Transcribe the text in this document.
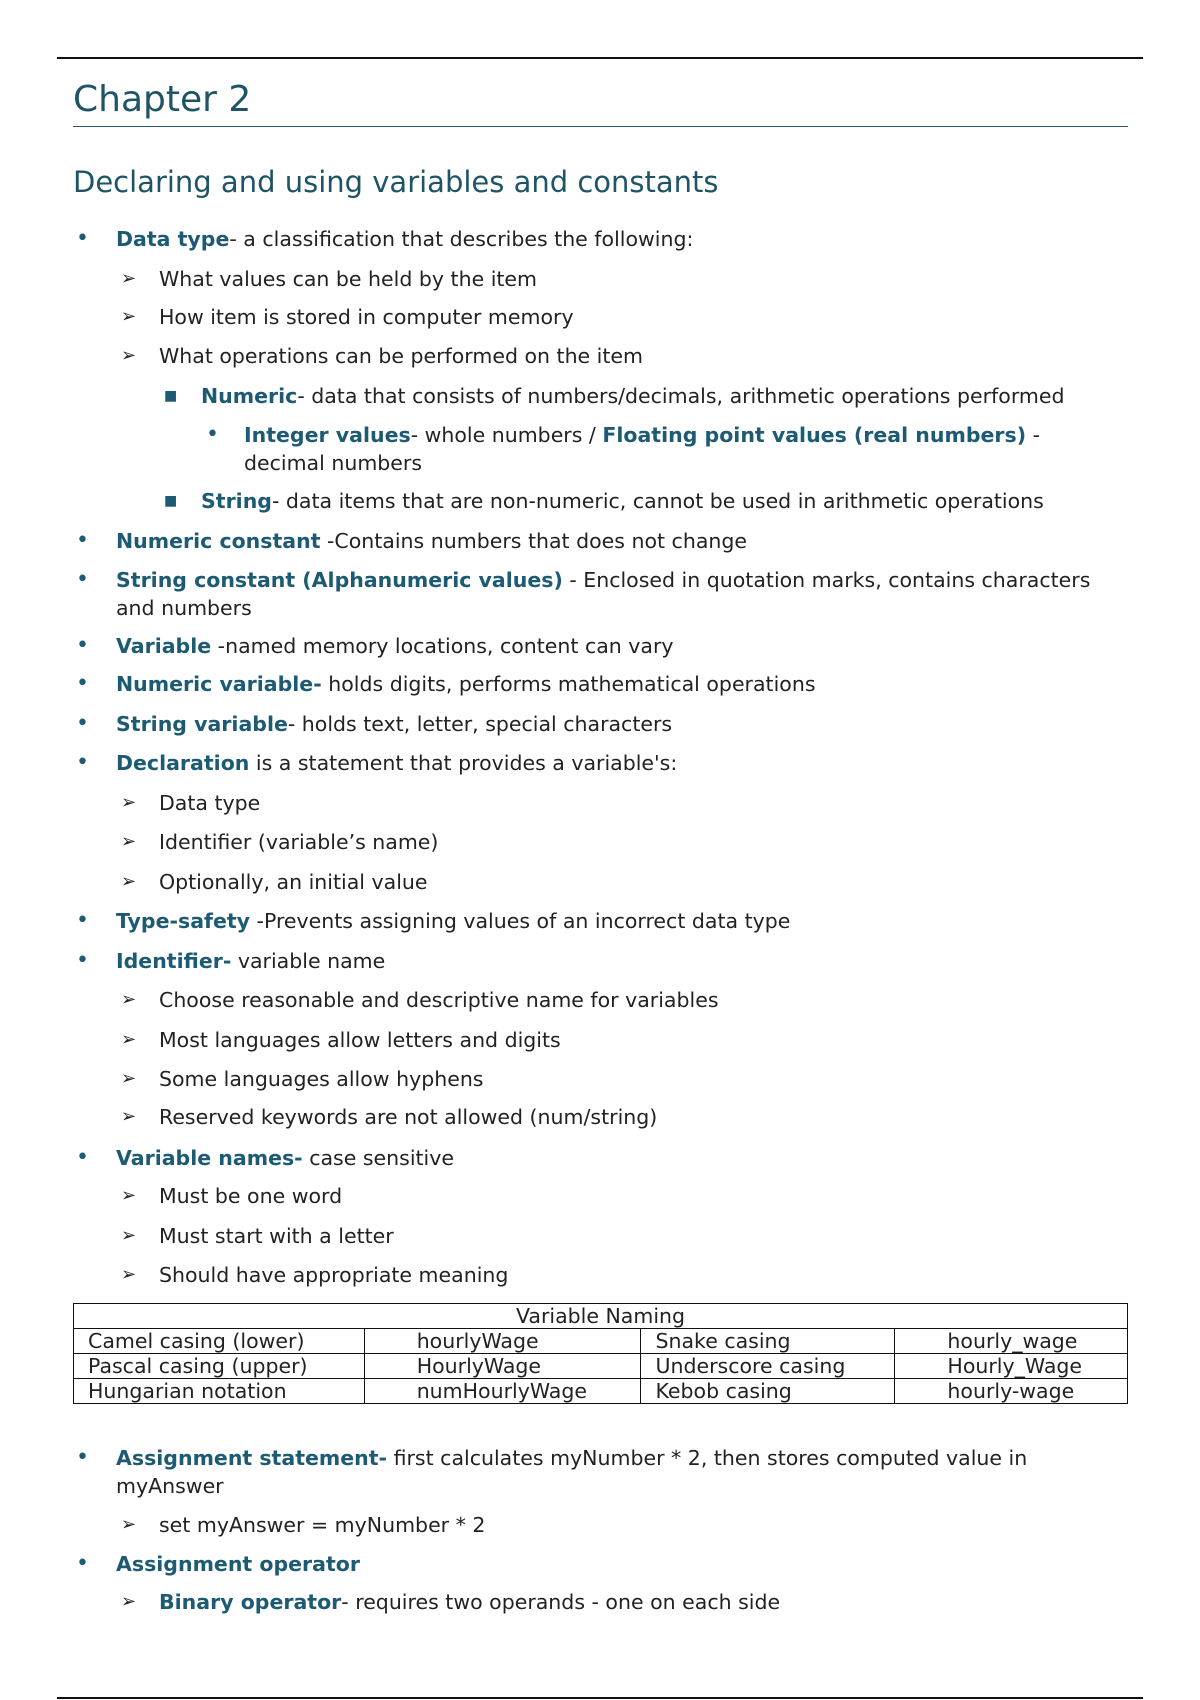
Chapter 2
Declaring and using variables and constants
• Data type- a classification that describes the following:
➢ What values can be held by the item
➢ How item is stored in computer memory
➢ What operations can be performed on the item
■ Numeric- data that consists of numbers/decimals, arithmetic operations performed
• Integer values- whole numbers / Floating point values (real numbers) - decimal numbers
■ String- data items that are non-numeric, cannot be used in arithmetic operations
• Numeric constant -Contains numbers that does not change
• String constant (Alphanumeric values) - Enclosed in quotation marks, contains characters and numbers
• Variable -named memory locations, content can vary
• Numeric variable- holds digits, performs mathematical operations
• String variable- holds text, letter, special characters
• Declaration is a statement that provides a variable's:
➢ Data type
➢ Identifier (variable’s name)
➢ Optionally, an initial value
• Type-safety -Prevents assigning values of an incorrect data type
• Identifier- variable name
➢ Choose reasonable and descriptive name for variables
➢ Most languages allow letters and digits
➢ Some languages allow hyphens
➢ Reserved keywords are not allowed (num/string)
• Variable names- case sensitive
➢ Must be one word
➢ Must start with a letter
➢ Should have appropriate meaning
Variable Naming			
Camel casing (lower)	hourlyWage	Snake casing	hourly_wage
Pascal casing (upper)	HourlyWage	Underscore casing	Hourly_Wage
Hungarian notation	numHourlyWage	Kebob casing	hourly-wage
• Assignment statement- first calculates myNumber * 2, then stores computed value in myAnswer
➢ set myAnswer = myNumber * 2
• Assignment operator
➢ Binary operator- requires two operands - one on each side
